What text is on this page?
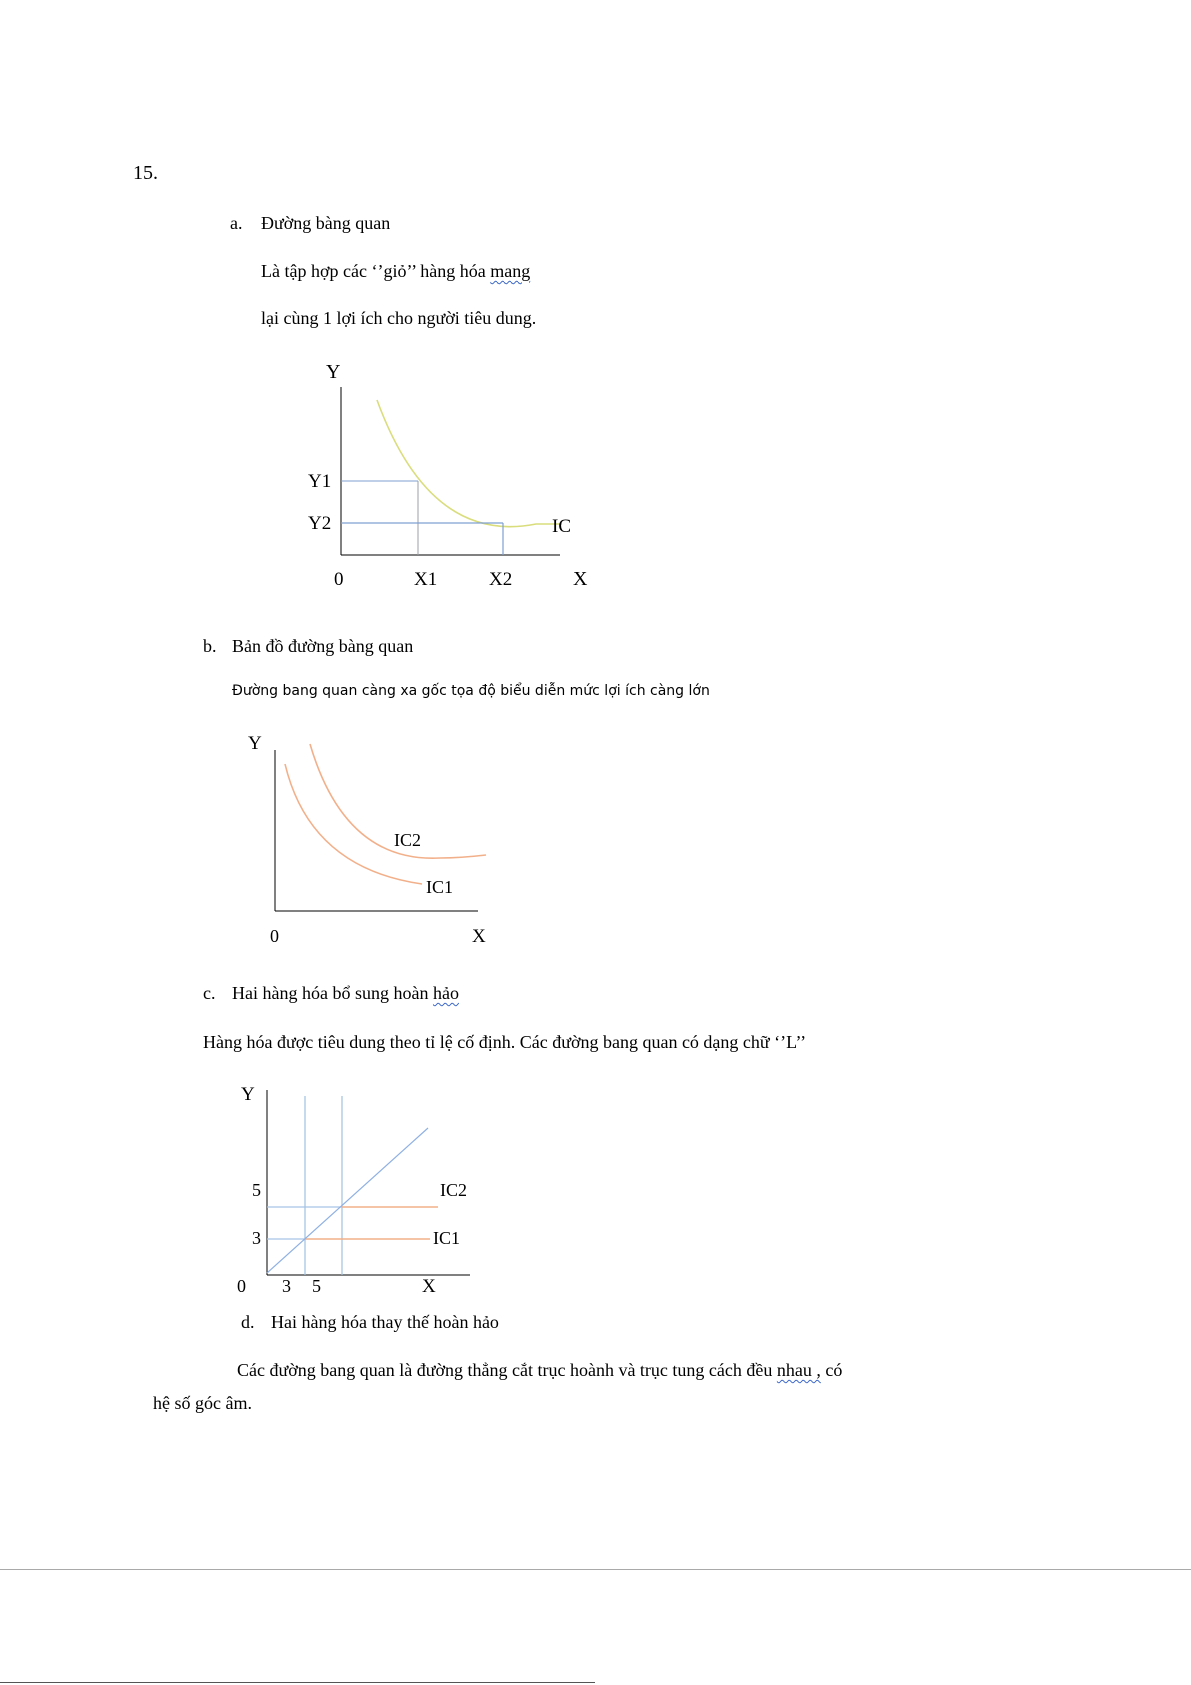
15.
a. Đường bàng quan
Là tập hợp các ‘’giỏ’’ hàng hóa mang
lại cùng 1 lợi ích cho người tiêu dung.
Y
Y1
Y2
0	X1	X2	X
IC
b. Bản đồ đường bàng quan
Đường bang quan càng xa gốc tọa độ biểu diễn mức lợi ích càng lớn
Y
IC2
IC1
0	X
c. Hai hàng hóa bổ sung hoàn hảo
Hàng hóa được tiêu dung theo tỉ lệ cố định. Các đường bang quan có dạng chữ ‘’L’’
Y
5
3
IC2
IC1
0 3 5	X
d. Hai hàng hóa thay thế hoàn hảo
Các đường bang quan là đường thẳng cắt trục hoành và trục tung cách đều nhau , có
hệ số góc âm.
